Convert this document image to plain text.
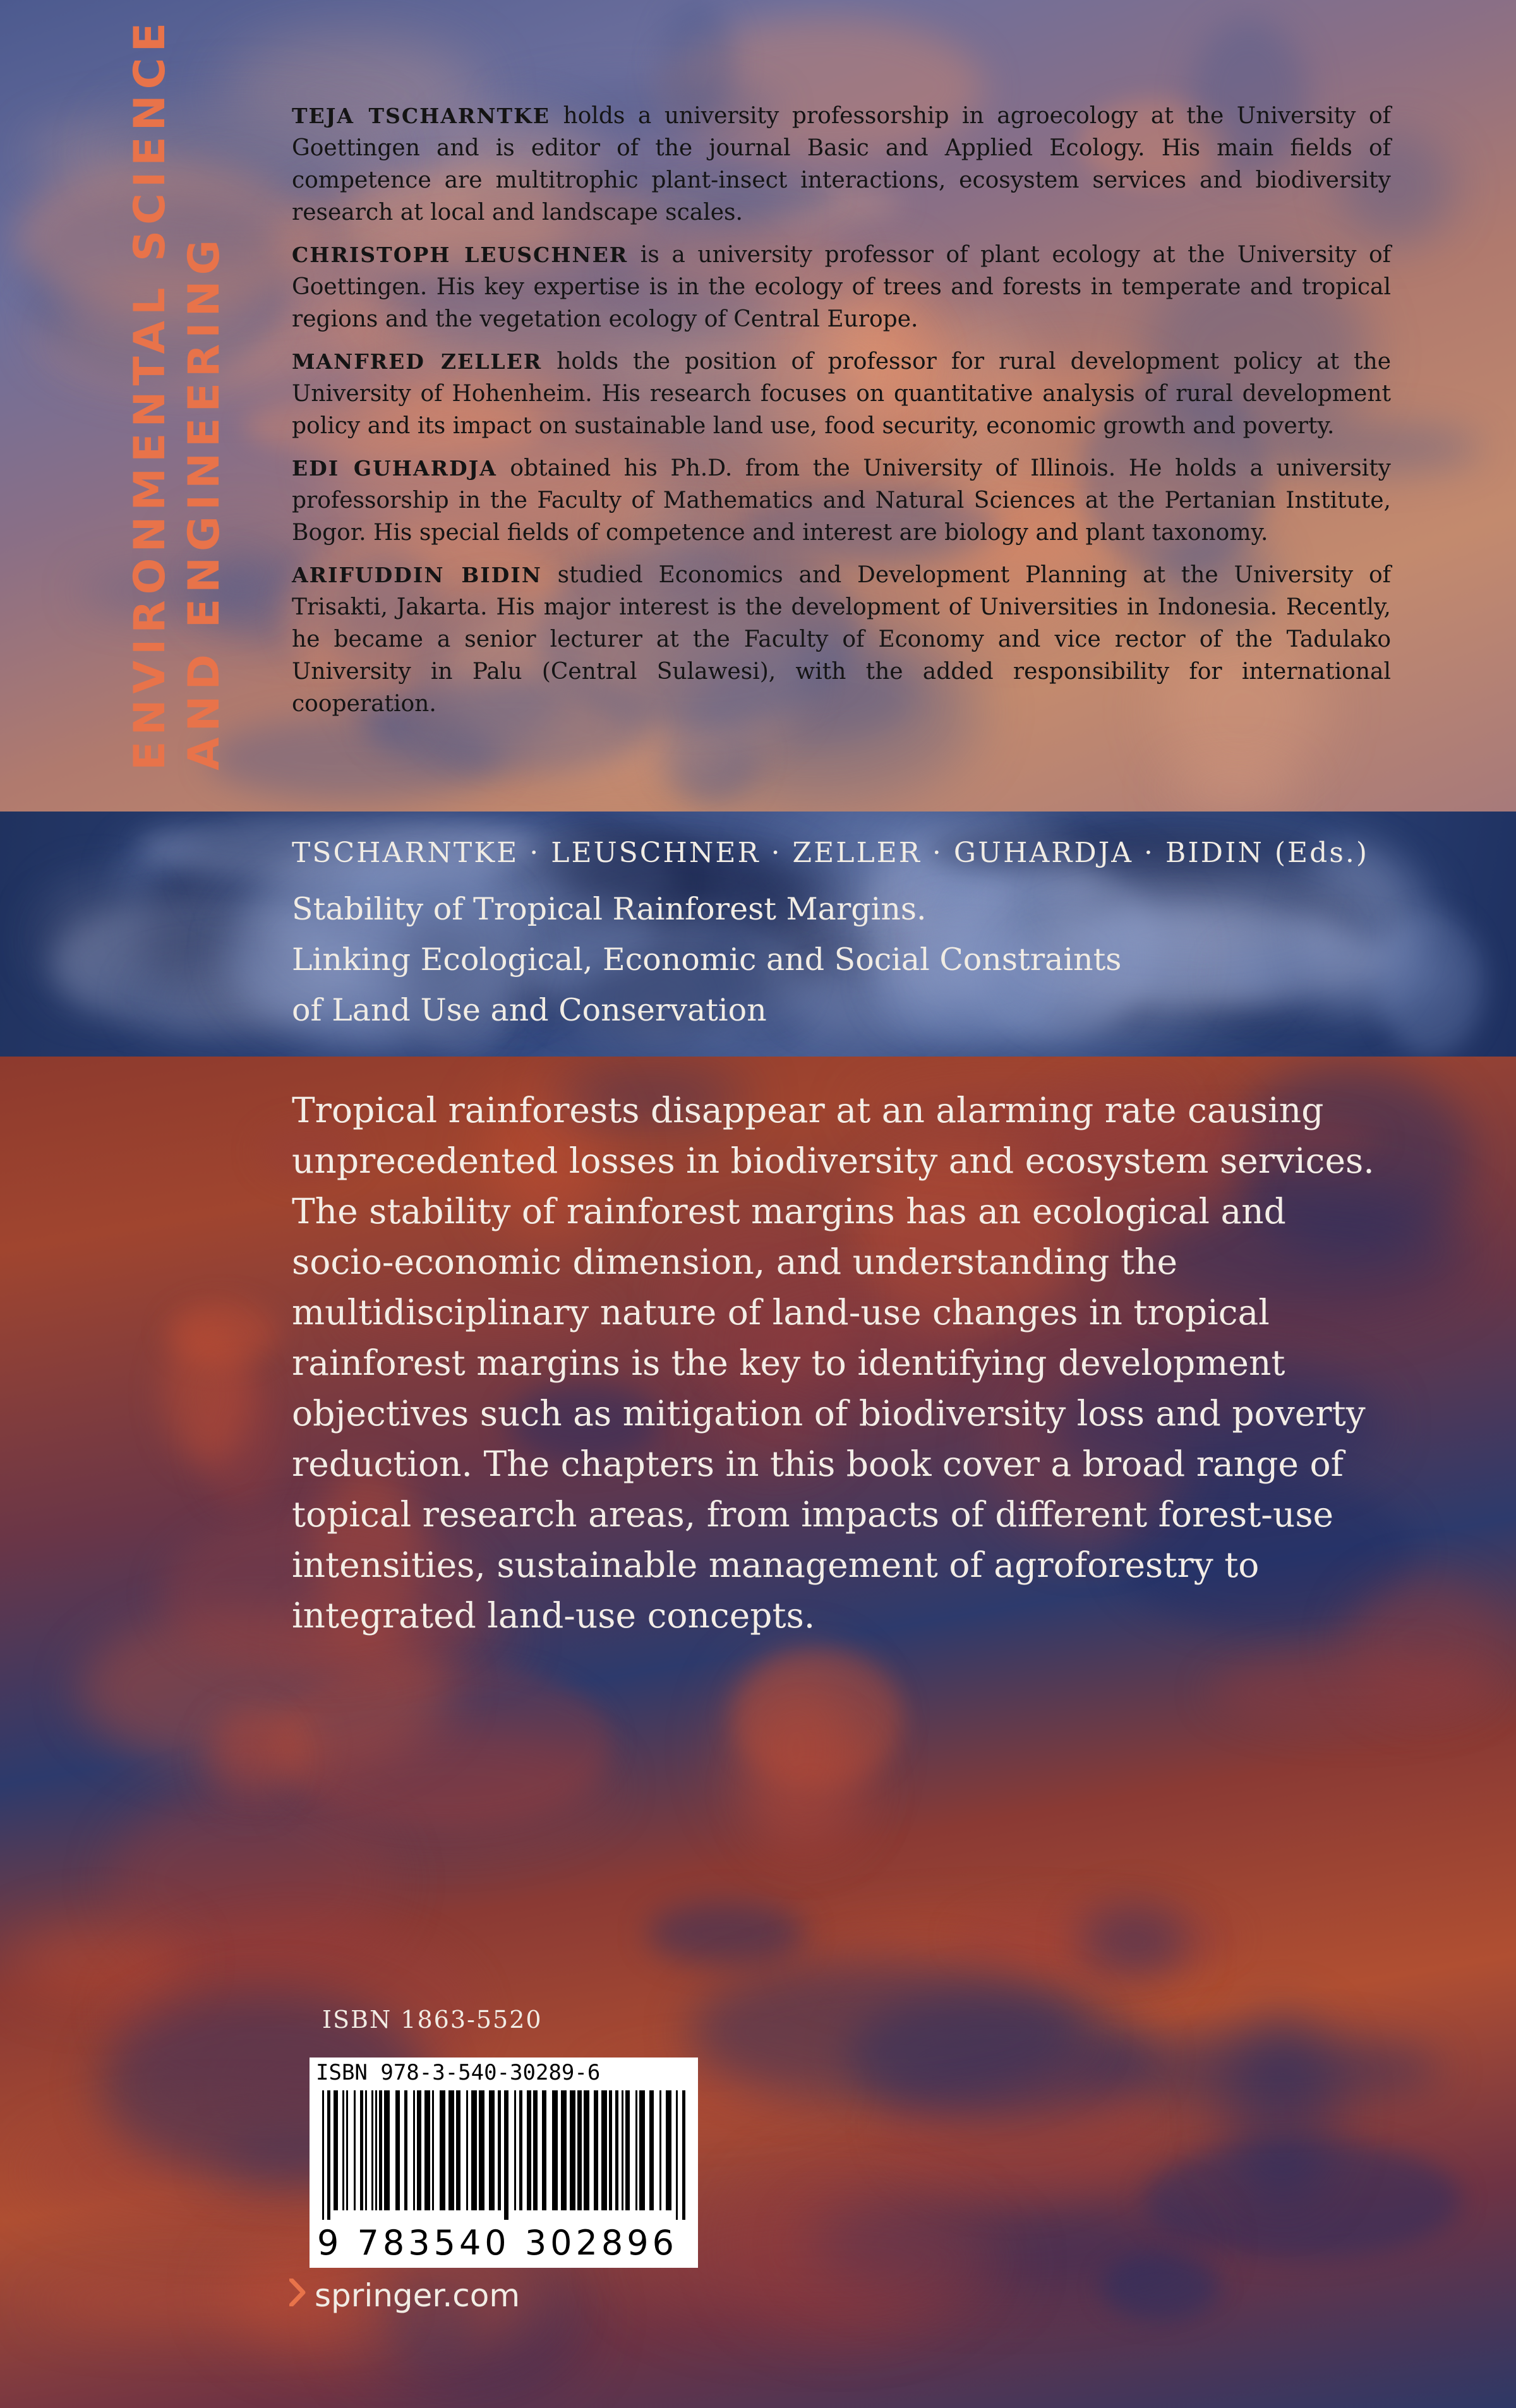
ENVIRONMENTAL SCIENCE AND ENGINEERING

TEJA TSCHARNTKE holds a university professorship in agroecology at the University of Goettingen and is editor of the journal Basic and Applied Ecology. His main fields of competence are multitrophic plant-insect interactions, ecosystem services and biodiversity research at local and landscape scales.

CHRISTOPH LEUSCHNER is a university professor of plant ecology at the University of Goettingen. His key expertise is in the ecology of trees and forests in temperate and tropical regions and the vegetation ecology of Central Europe.

MANFRED ZELLER holds the position of professor for rural development policy at the University of Hohenheim. His research focuses on quantitative analysis of rural development policy and its impact on sustainable land use, food security, economic growth and poverty.

EDI GUHARDJA obtained his Ph.D. from the University of Illinois. He holds a university professorship in the Faculty of Mathematics and Natural Sciences at the Pertanian Institute, Bogor. His special fields of competence and interest are biology and plant taxonomy.

ARIFUDDIN BIDIN studied Economics and Development Planning at the University of Trisakti, Jakarta. His major interest is the development of Universities in Indonesia. Recently, he became a senior lecturer at the Faculty of Economy and vice rector of the Tadulako University in Palu (Central Sulawesi), with the added responsibility for international cooperation.

TSCHARNTKE · LEUSCHNER · ZELLER · GUHARDJA · BIDIN (Eds.)
Stability of Tropical Rainforest Margins.
Linking Ecological, Economic and Social Constraints
of Land Use and Conservation
Tropical rainforests disappear at an alarming rate causing unprecedented losses in biodiversity and ecosystem services. The stability of rainforest margins has an ecological and socio-economic dimension, and understanding the multidisciplinary nature of land-use changes in tropical rainforest margins is the key to identifying development objectives such as mitigation of biodiversity loss and poverty reduction. The chapters in this book cover a broad range of topical research areas, from impacts of different forest-use intensities, sustainable management of agroforestry to integrated land-use concepts.
ISBN 1863-5520
ISBN 978-3-540-30289-6
9 783540 302896
springer.com
